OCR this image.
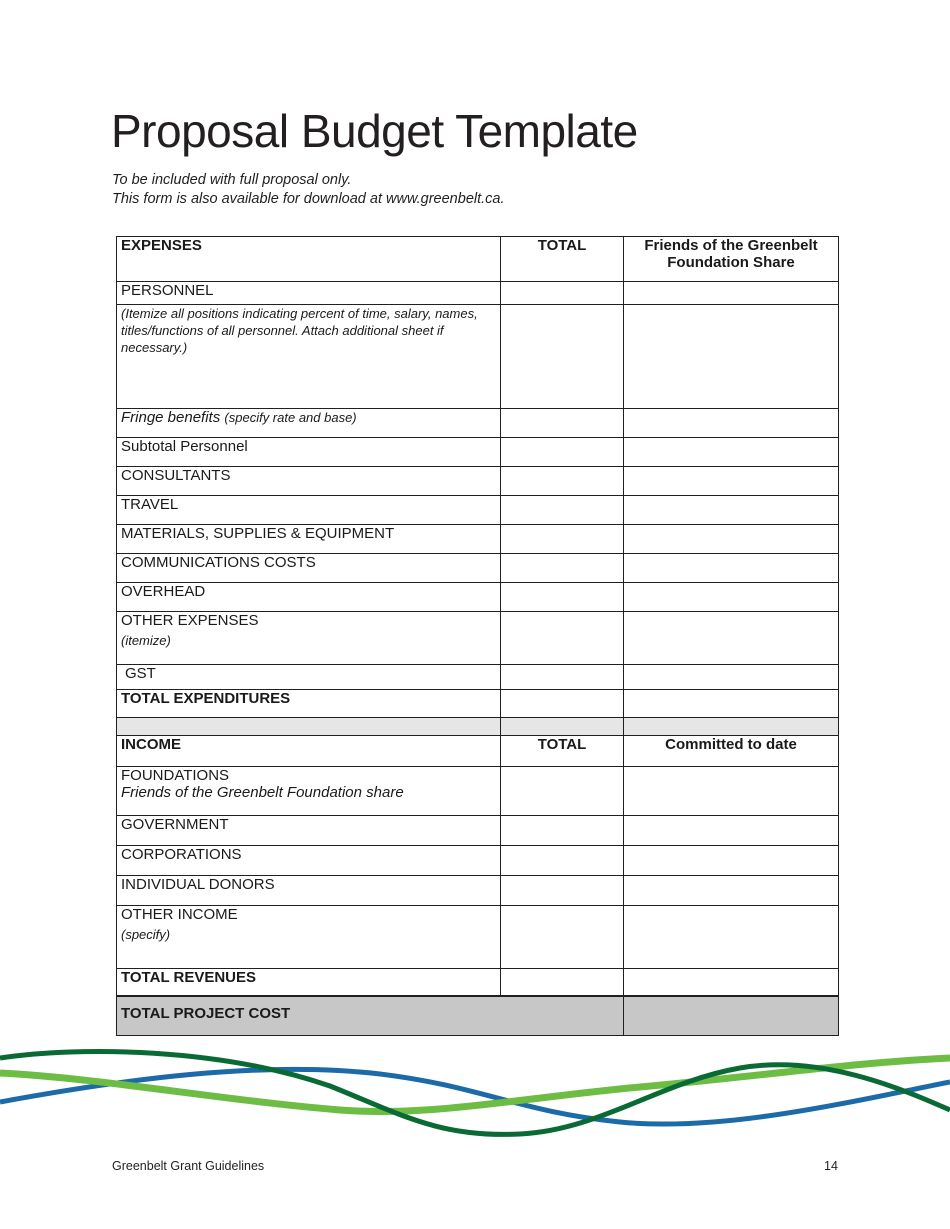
Proposal Budget Template
To be included with full proposal only.
This form is also available for download at www.greenbelt.ca.
EXPENSES	TOTAL	Friends of the Greenbelt Foundation Share
PERSONNEL		
(Itemize all positions indicating percent of time, salary, names, titles/functions of all personnel. Attach additional sheet if necessary.)		
Fringe benefits (specify rate and base)		
Subtotal Personnel		
CONSULTANTS		
TRAVEL		
MATERIALS, SUPPLIES & EQUIPMENT		
COMMUNICATIONS COSTS		
OVERHEAD		
OTHER EXPENSES
(itemize)		

GST		
TOTAL EXPENDITURES		

INCOME	TOTAL	Committed to date

FOUNDATIONS
Friends of the Greenbelt Foundation share		

GOVERNMENT		
CORPORATIONS		
INDIVIDUAL DONORS		
OTHER INCOME
(specify)		

TOTAL REVENUES		
TOTAL PROJECT COST		
Greenbelt Grant Guidelines	14
